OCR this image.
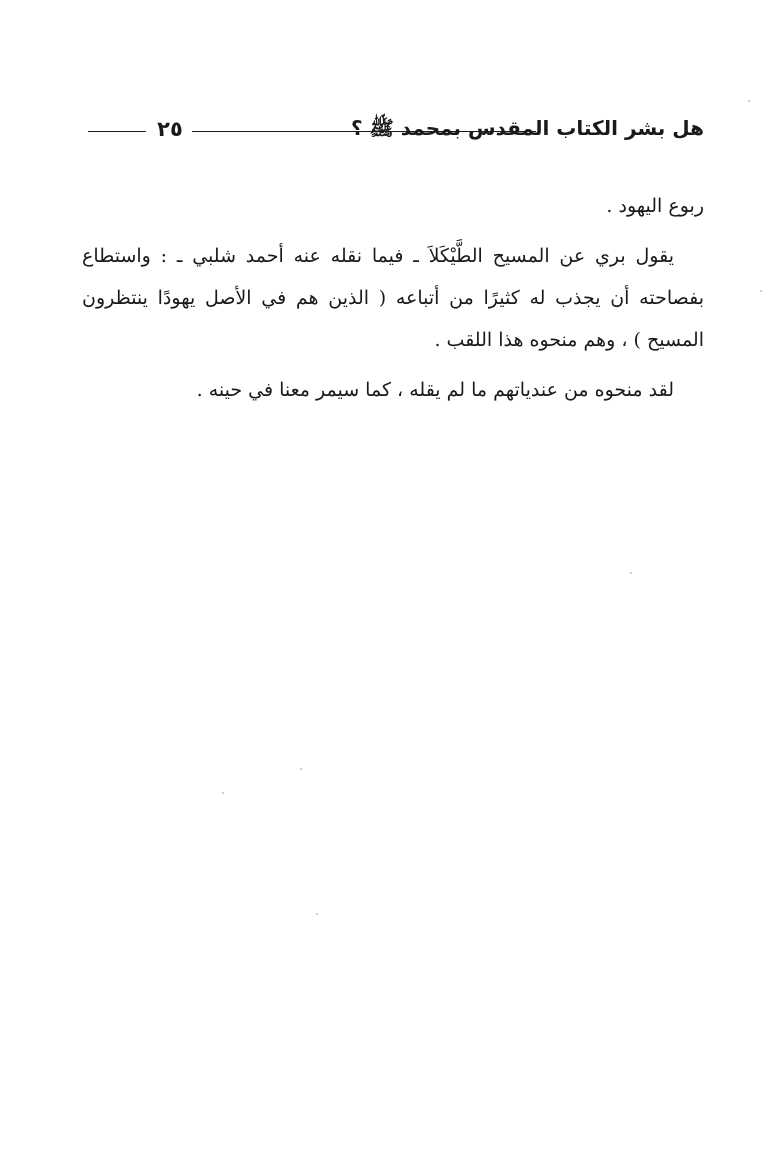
٢٥	هل بشر الكتاب المقدس بمحمد ﷺ ؟

ربوع اليهود .

يقول بري عن المسيح الطَّيْكَلاَ ـ فيما نقله عنه أحمد شلبي ـ : واستطاع بفصاحته أن يجذب له كثيرًا من أتباعه ( الذين هم في الأصل يهودًا ينتظرون المسيح ) ، وهم منحوه هذا اللقب .

لقد منحوه من عندياتهم ما لم يقله ، كما سيمر معنا في حينه .
